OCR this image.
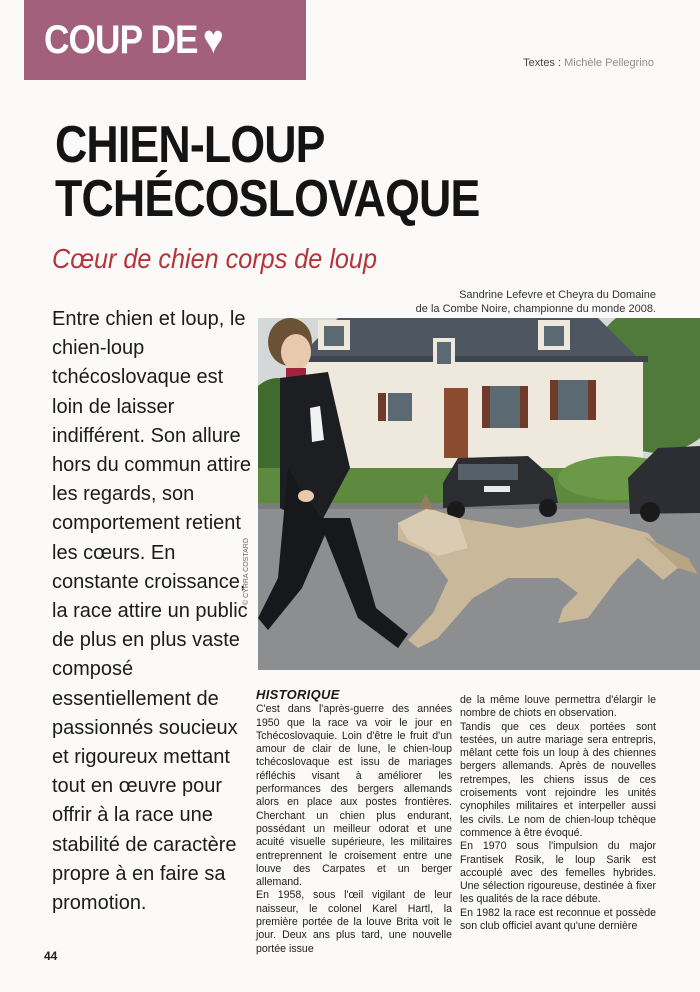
COUP DE ♥
Textes : Michèle Pellegrino
CHIEN-LOUP
TCHÉCOSLOVAQUE
Cœur de chien corps de loup
Sandrine Lefevre et Cheyra du Domaine
de la Combe Noire, championne du monde 2008.
Entre chien et loup, le chien-loup tchécoslovaque est loin de laisser indifférent. Son allure hors du commun attire les regards, son comportement retient les cœurs. En constante croissance, la race attire un public de plus en plus vaste composé essentiellement de passionnés soucieux et rigoureux mettant tout en œuvre pour offrir à la race une stabilité de caractère propre à en faire sa promotion.
© CYRRA COSTARD
HISTORIQUE

C'est dans l'après-guerre des années 1950 que la race va voir le jour en Tchécoslovaquie. Loin d'être le fruit d'un amour de clair de lune, le chien-loup tchécoslovaque est issu de mariages réfléchis visant à améliorer les performances des bergers allemands alors en place aux postes frontières. Cherchant un chien plus endurant, possédant un meilleur odorat et une acuité visuelle supérieure, les militaires entreprennent le croisement entre une louve des Carpates et un berger allemand.

En 1958, sous l'œil vigilant de leur naisseur, le colonel Karel Hartl, la première portée de la louve Brita voit le jour. Deux ans plus tard, une nouvelle portée issue

de la même louve permettra d'élargir le nombre de chiots en observation.

Tandis que ces deux portées sont testées, un autre mariage sera entrepris, mêlant cette fois un loup à des chiennes bergers allemands. Après de nouvelles retrempes, les chiens issus de ces croisements vont rejoindre les unités cynophiles militaires et interpeller aussi les civils. Le nom de chien-loup tchèque commence à être évoqué.

En 1970 sous l'impulsion du major Frantisek Rosik, le loup Sarik est accouplé avec des femelles hybrides. Une sélection rigoureuse, destinée à fixer les qualités de la race débute.

En 1982 la race est reconnue et possède son club officiel avant qu'une dernière

44
